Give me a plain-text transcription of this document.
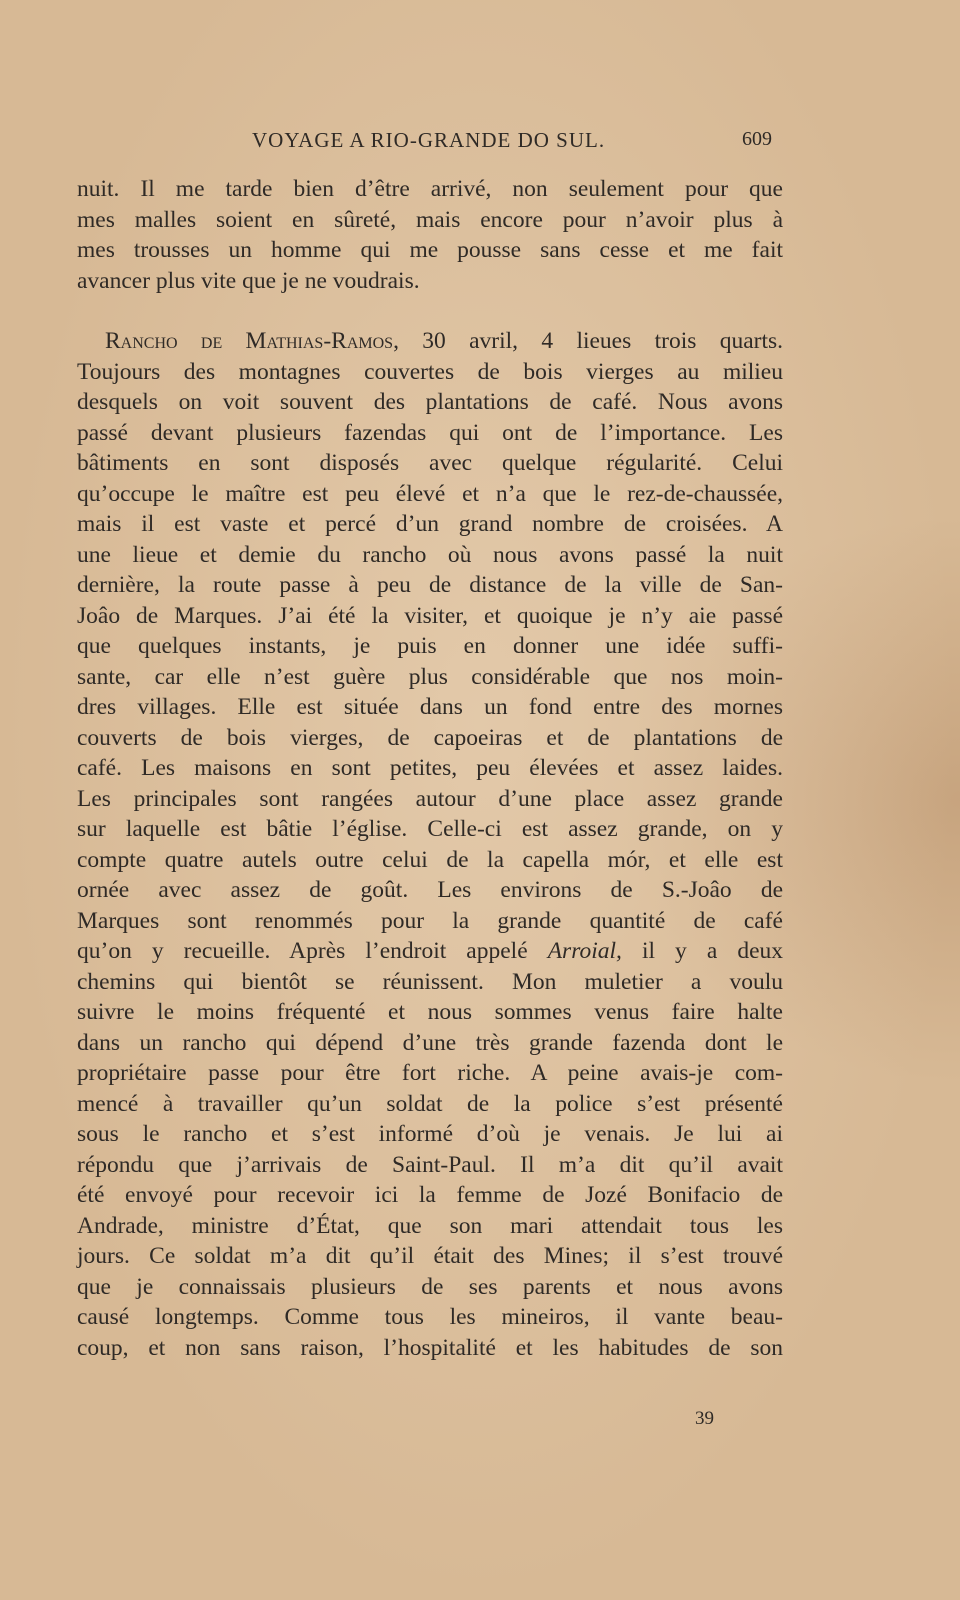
VOYAGE A RIO-GRANDE DO SUL.	609
nuit. Il me tarde bien d’être arrivé, non seulement pour que
mes malles soient en sûreté, mais encore pour n’avoir plus à
mes trousses un homme qui me pousse sans cesse et me fait
avancer plus vite que je ne voudrais.
Rancho de Mathias-Ramos, 30 avril, 4 lieues trois quarts.
Toujours des montagnes couvertes de bois vierges au milieu
desquels on voit souvent des plantations de café. Nous avons
passé devant plusieurs fazendas qui ont de l’importance. Les
bâtiments en sont disposés avec quelque régularité. Celui
qu’occupe le maître est peu élevé et n’a que le rez-de-chaussée,
mais il est vaste et percé d’un grand nombre de croisées. A
une lieue et demie du rancho où nous avons passé la nuit
dernière, la route passe à peu de distance de la ville de San-
Joâo de Marques. J’ai été la visiter, et quoique je n’y aie passé
que quelques instants, je puis en donner une idée suffi-
sante, car elle n’est guère plus considérable que nos moin-
dres villages. Elle est située dans un fond entre des mornes
couverts de bois vierges, de capoeiras et de plantations de
café. Les maisons en sont petites, peu élevées et assez laides.
Les principales sont rangées autour d’une place assez grande
sur laquelle est bâtie l’église. Celle-ci est assez grande, on y
compte quatre autels outre celui de la capella mór, et elle est
ornée avec assez de goût. Les environs de S.-Joâo de
Marques sont renommés pour la grande quantité de café
qu’on y recueille. Après l’endroit appelé Arroial, il y a deux
chemins qui bientôt se réunissent. Mon muletier a voulu
suivre le moins fréquenté et nous sommes venus faire halte
dans un rancho qui dépend d’une très grande fazenda dont le
propriétaire passe pour être fort riche. A peine avais-je com-
mencé à travailler qu’un soldat de la police s’est présenté
sous le rancho et s’est informé d’où je venais. Je lui ai
répondu que j’arrivais de Saint-Paul. Il m’a dit qu’il avait
été envoyé pour recevoir ici la femme de Jozé Bonifacio de
Andrade, ministre d’État, que son mari attendait tous les
jours. Ce soldat m’a dit qu’il était des Mines; il s’est trouvé
que je connaissais plusieurs de ses parents et nous avons
causé longtemps. Comme tous les mineiros, il vante beau-
coup, et non sans raison, l’hospitalité et les habitudes de son
39
